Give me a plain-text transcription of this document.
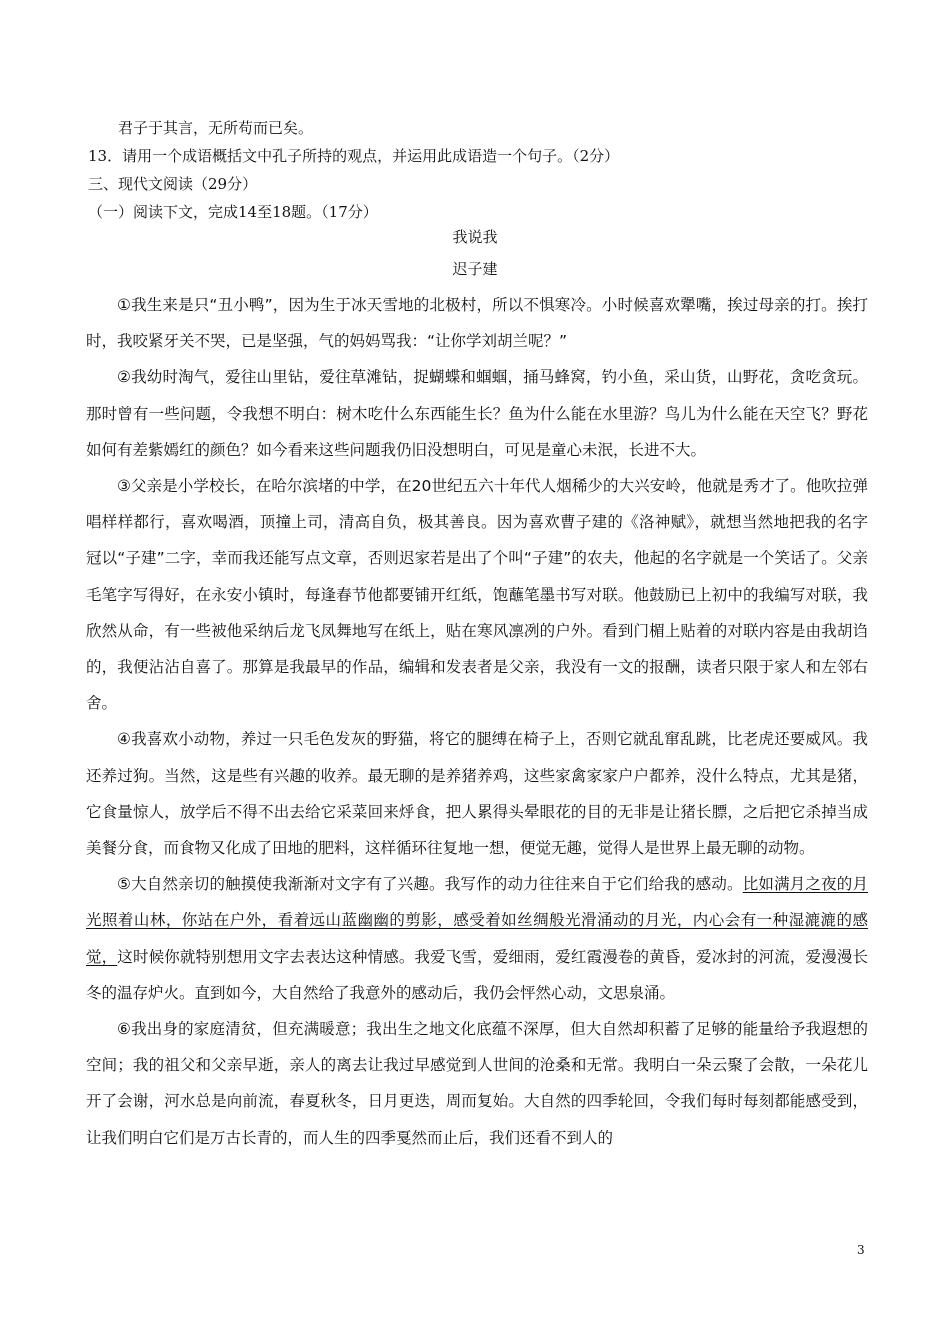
君子于其言，无所苟而已矣。
13．请用一个成语概括文中孔子所持的观点，并运用此成语造一个句子。（2分）
三、现代文阅读（29分）
（一）阅读下文，完成14至18题。（17分）
我说我
迟子建

①我生来是只“丑小鸭”，因为生于冰天雪地的北极村，所以不惧寒冷。小时候喜欢犟嘴，挨过母亲的打。挨打时，我咬紧牙关不哭，已是坚强，气的妈妈骂我：“让你学刘胡兰呢？”

②我幼时淘气，爱往山里钻，爱往草滩钻，捉蝴蝶和蝈蝈，捅马蜂窝，钓小鱼，采山货，山野花，贪吃贪玩。那时曾有一些问题，令我想不明白：树木吃什么东西能生长？鱼为什么能在水里游？鸟儿为什么能在天空飞？野花如何有差紫嫣红的颜色？如今看来这些问题我仍旧没想明白，可见是童心未泯，长进不大。

③父亲是小学校长，在哈尔滨堵的中学，在20世纪五六十年代人烟稀少的大兴安岭，他就是秀才了。他吹拉弹唱样样都行，喜欢喝酒，顶撞上司，清高自负，极其善良。因为喜欢曹子建的《洛神赋》，就想当然地把我的名字冠以“子建”二字，幸而我还能写点文章，否则迟家若是出了个叫“子建”的农夫，他起的名字就是一个笑话了。父亲毛笔字写得好，在永安小镇时，每逢春节他都要铺开红纸，饱蘸笔墨书写对联。他鼓励已上初中的我编写对联，我欣然从命，有一些被他采纳后龙飞凤舞地写在纸上，贴在寒风凛冽的户外。看到门楣上贴着的对联内容是由我胡诌的，我便沾沾自喜了。那算是我最早的作品，编辑和发表者是父亲，我没有一文的报酬，读者只限于家人和左邻右舍。

④我喜欢小动物，养过一只毛色发灰的野猫，将它的腿缚在椅子上，否则它就乱窜乱跳，比老虎还要威风。我还养过狗。当然，这是些有兴趣的收养。最无聊的是养猪养鸡，这些家禽家家户户都养，没什么特点，尤其是猪，它食量惊人，放学后不得不出去给它采菜回来烀食，把人累得头晕眼花的目的无非是让猪长膘，之后把它杀掉当成美餐分食，而食物又化成了田地的肥料，这样循环往复地一想，便觉无趣，觉得人是世界上最无聊的动物。

⑤大自然亲切的触摸使我渐渐对文字有了兴趣。我写作的动力往往来自于它们给我的感动。比如满月之夜的月光照着山林，你站在户外，看着远山蓝幽幽的剪影，感受着如丝绸般光滑涌动的月光，内心会有一种湿漉漉的感觉，这时候你就特别想用文字去表达这种情感。我爱飞雪，爱细雨，爱红霞漫卷的黄昏，爱冰封的河流，爱漫漫长冬的温存炉火。直到如今，大自然给了我意外的感动后，我仍会怦然心动，文思泉涌。

⑥我出身的家庭清贫，但充满暖意；我出生之地文化底蕴不深厚，但大自然却积蓄了足够的能量给予我遐想的空间；我的祖父和父亲早逝，亲人的离去让我过早感觉到人世间的沧桑和无常。我明白一朵云聚了会散，一朵花儿开了会谢，河水总是向前流，春夏秋冬，日月更迭，周而复始。大自然的四季轮回，令我们每时每刻都能感受到，让我们明白它们是万古长青的，而人生的四季戛然而止后，我们还看不到人的

3
